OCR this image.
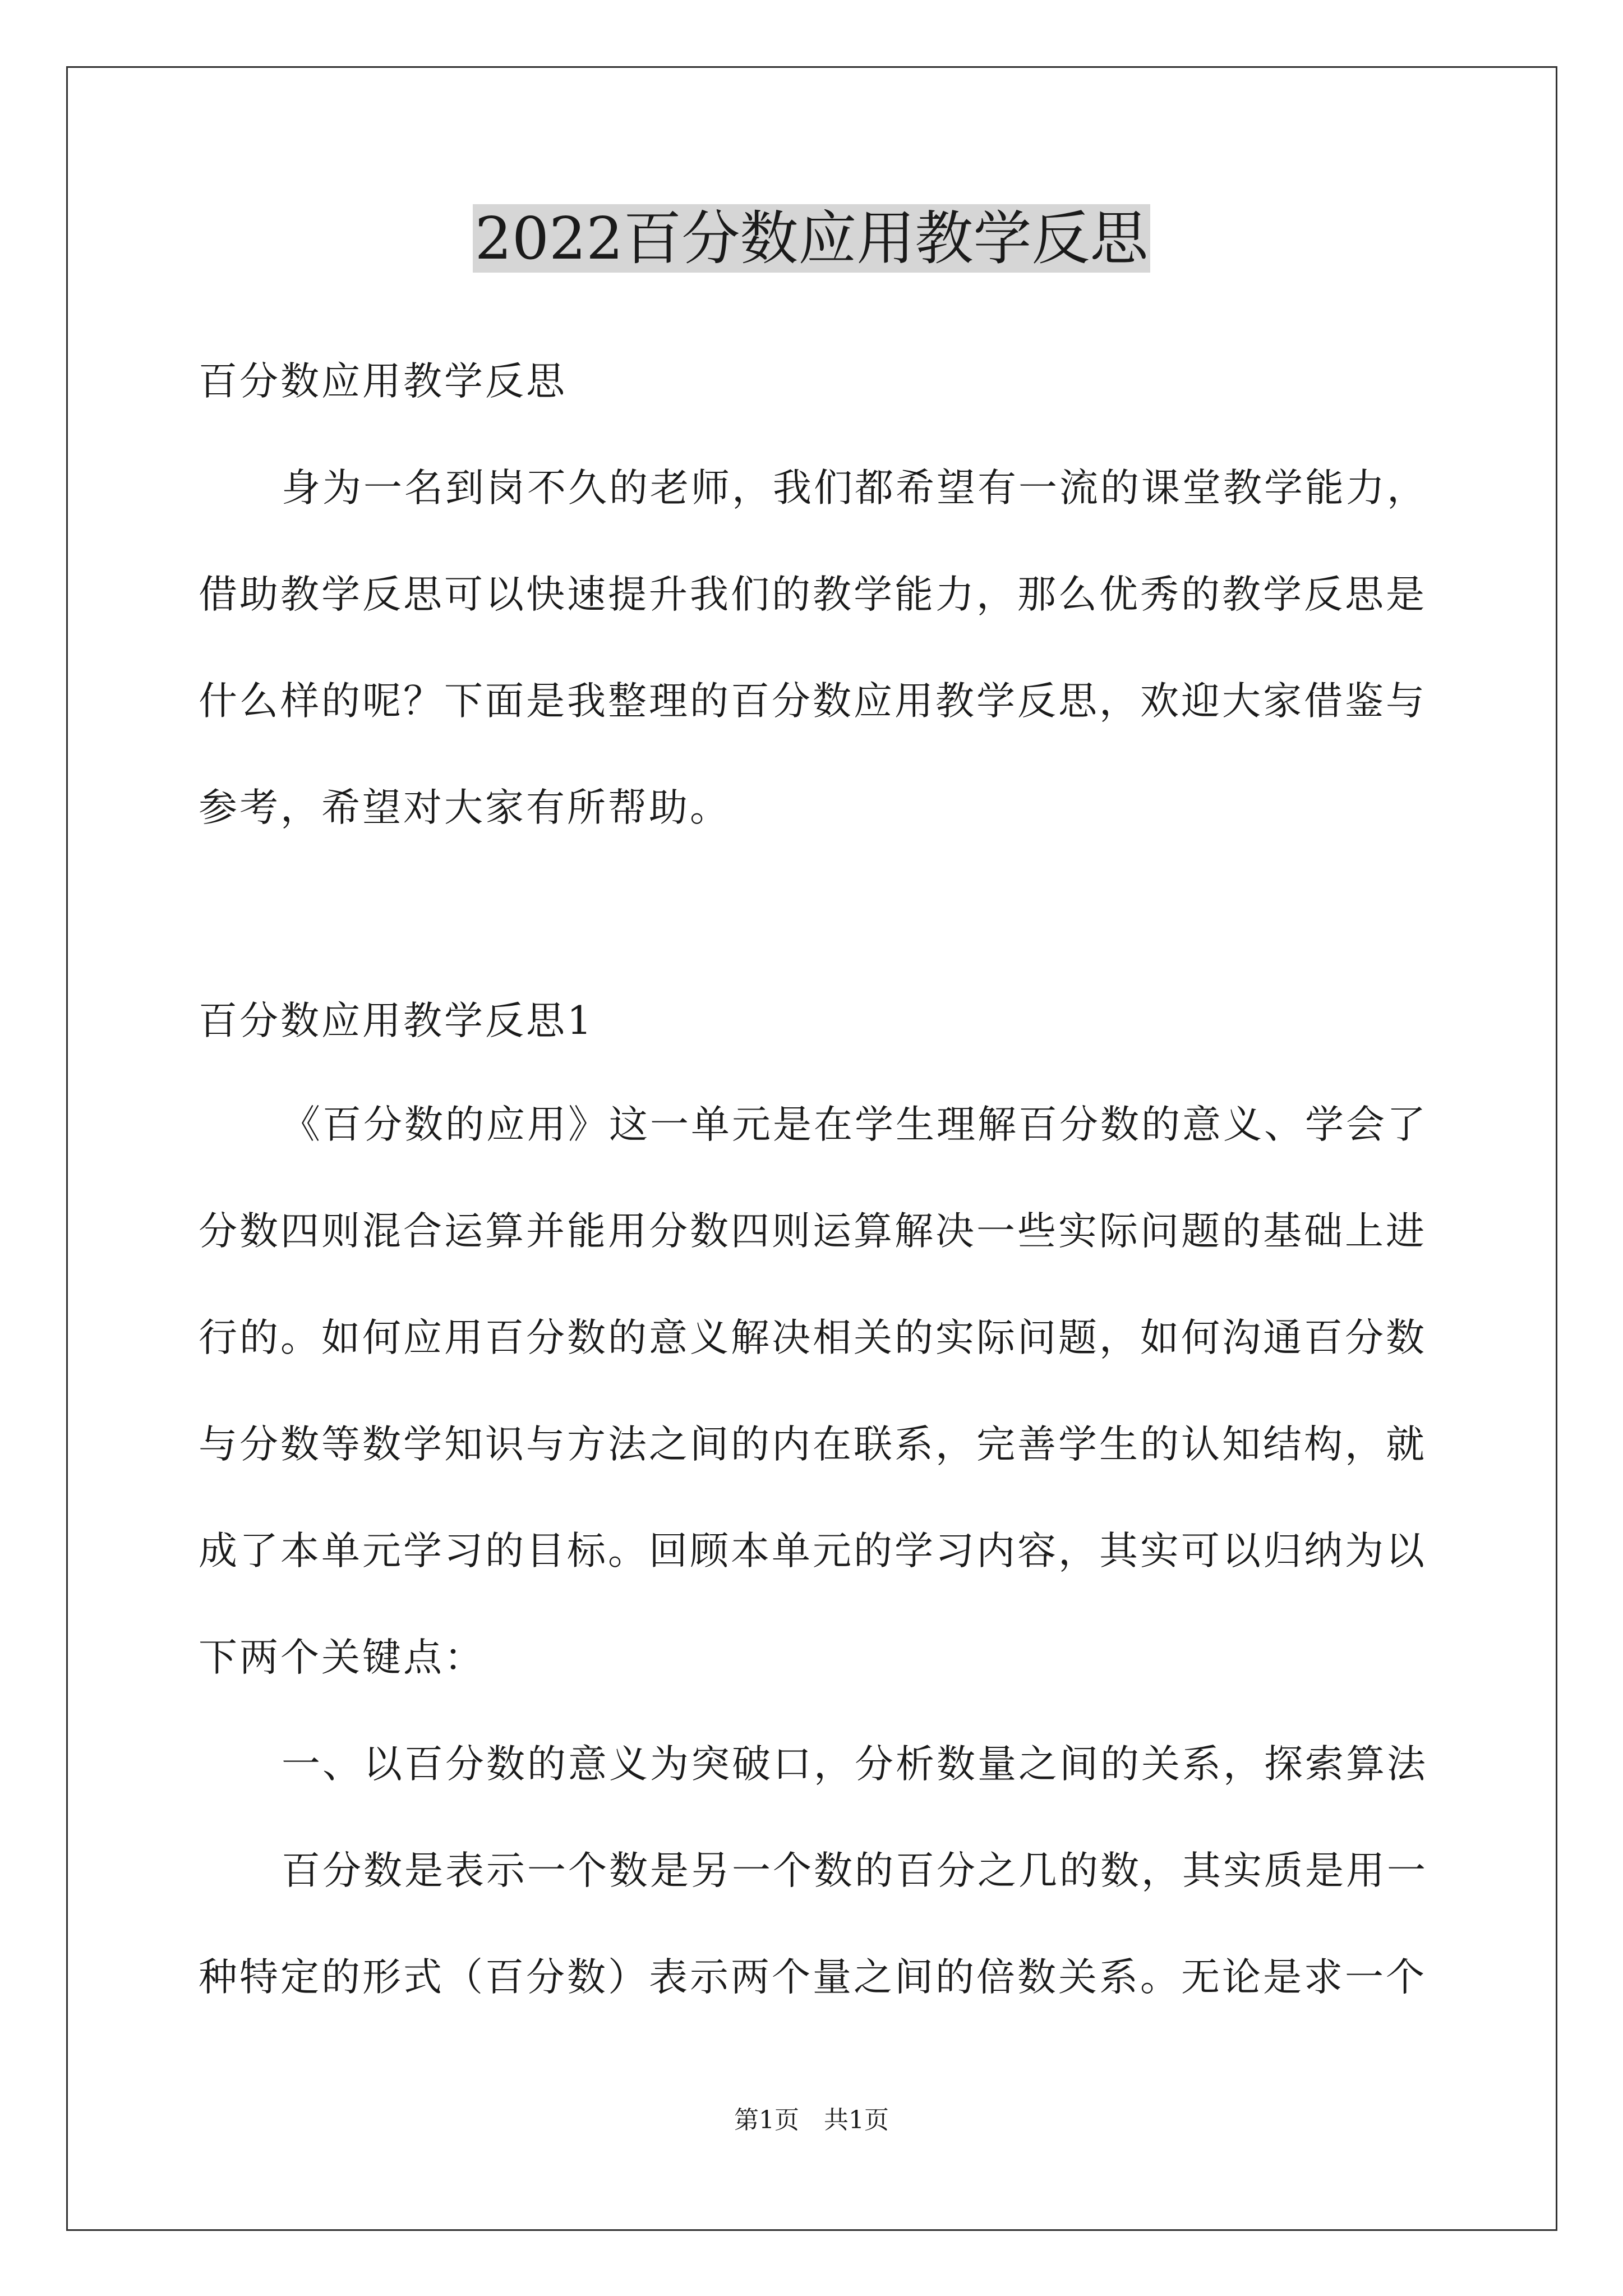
2022百分数应用教学反思
百分数应用教学反思
身为一名到岗不久的老师，我们都希望有一流的课堂教学能力，
借助教学反思可以快速提升我们的教学能力，那么优秀的教学反思是
什么样的呢？下面是我整理的百分数应用教学反思，欢迎大家借鉴与
参考，希望对大家有所帮助。
百分数应用教学反思1
《百分数的应用》这一单元是在学生理解百分数的意义、学会了
分数四则混合运算并能用分数四则运算解决一些实际问题的基础上进
行的。如何应用百分数的意义解决相关的实际问题，如何沟通百分数
与分数等数学知识与方法之间的内在联系，完善学生的认知结构，就
成了本单元学习的目标。回顾本单元的学习内容，其实可以归纳为以
下两个关键点：
一、以百分数的意义为突破口，分析数量之间的关系，探索算法
百分数是表示一个数是另一个数的百分之几的数，其实质是用一
种特定的形式（百分数）表示两个量之间的倍数关系。无论是求一个
第1页　共1页
